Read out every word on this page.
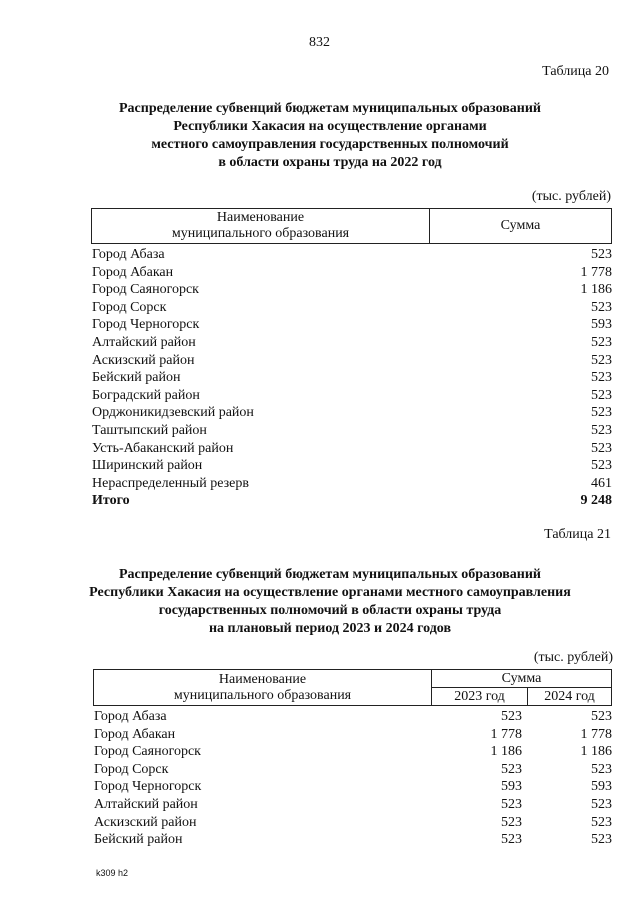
832
Таблица 20
Распределение субвенций бюджетам муниципальных образований
Республики Хакасия на осуществление органами
местного самоуправления государственных полномочий
в области охраны труда на 2022 год
(тыс. рублей)
Наименование
муниципального образования
	Сумма
Город Абаза	523
Город Абакан	1 778
Город Саяногорск	1 186
Город Сорск	523
Город Черногорск	593
Алтайский район	523
Аскизский район	523
Бейский район	523
Боградский район	523
Орджоникидзевский район	523
Таштыпский район	523
Усть-Абаканский район	523
Ширинский район	523
Нераспределенный резерв	461
Итого	9 248
Таблица 21
Распределение субвенций бюджетам муниципальных образований
Республики Хакасия на осуществление органами местного самоуправления
государственных полномочий в области охраны труда
на плановый период 2023 и 2024 годов
(тыс. рублей)
Наименование
муниципального образования	Сумма	
	2023 год	2024 год
Город Абаза	523	523
Город Абакан	1 778	1 778
Город Саяногорск	1 186	1 186
Город Сорск	523	523
Город Черногорск	593	593
Алтайский район	523	523
Аскизский район	523	523
Бейский район	523	523
k309 h2
